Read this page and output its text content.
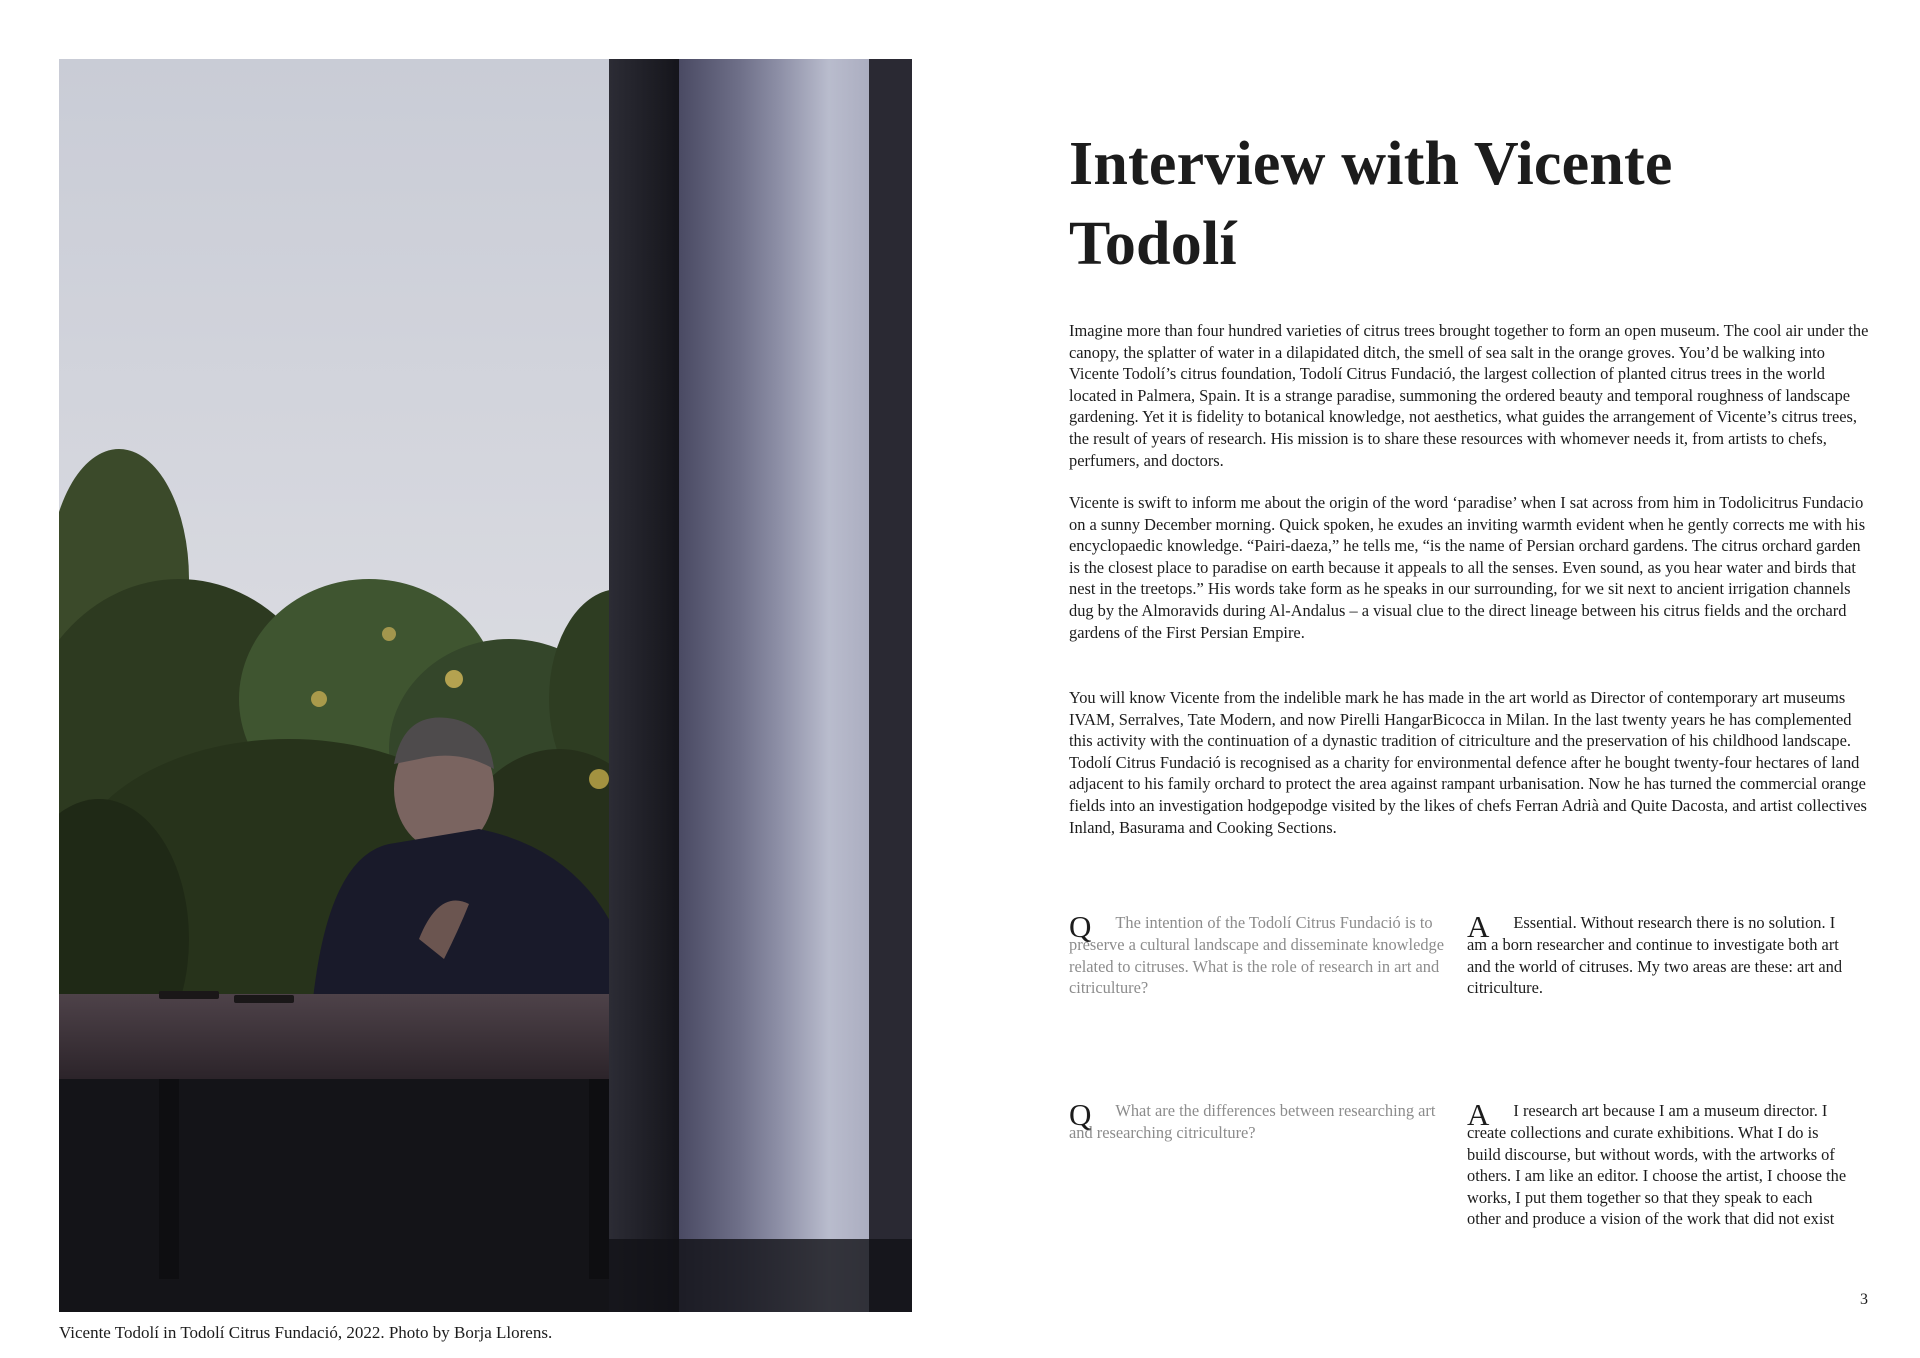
Vicente Todolí in Todolí Citrus Fundació, 2022. Photo by Borja Llorens.
Interview with Vicente Todolí

Imagine more than four hundred varieties of citrus trees brought together to form an open museum. The cool air under the canopy, the splatter of water in a dilapidated ditch, the smell of sea salt in the orange groves. You’d be walking into Vicente Todolí’s citrus foundation, Todolí Citrus Fundació, the largest collection of planted citrus trees in the world located in Palmera, Spain. It is a strange paradise, summoning the ordered beauty and temporal roughness of landscape gardening. Yet it is fidelity to botanical knowledge, not aesthetics, what guides the arrangement of Vicente’s citrus trees, the result of years of research. His mission is to share these resources with whomever needs it, from artists to chefs, perfumers, and doctors.

Vicente is swift to inform me about the origin of the word ‘paradise’ when I sat across from him in Todolicitrus Fundacio on a sunny December morning. Quick spoken, he exudes an inviting warmth evident when he gently corrects me with his encyclopaedic knowledge. “Pairi-daeza,” he tells me, “is the name of Persian orchard gardens. The citrus orchard garden is the closest place to paradise on earth because it appeals to all the senses. Even sound, as you hear water and birds that nest in the treetops.” His words take form as he speaks in our surrounding, for we sit next to ancient irrigation channels dug by the Almoravids during Al-Andalus – a visual clue to the direct lineage between his citrus fields and the orchard gardens of the First Persian Empire.

You will know Vicente from the indelible mark he has made in the art world as Director of contemporary art museums IVAM, Serralves, Tate Modern, and now Pirelli HangarBicocca in Milan. In the last twenty years he has complemented this activity with the continuation of a dynastic tradition of citriculture and the preservation of his childhood landscape. Todolí Citrus Fundació is recognised as a charity for environmental defence after he bought twenty-four hectares of land adjacent to his family orchard to protect the area against rampant urbanisation. Now he has turned the commercial orange fields into an investigation hodgepodge visited by the likes of chefs Ferran Adrià and Quite Dacosta, and artist collectives Inland, Basurama and Cooking Sections.

Q The intention of the Todolí Citrus Fundació is to preserve a cultural landscape and disseminate knowledge related to citruses. What is the role of research in art and citriculture?
A Essential. Without research there is no solution. I am a born researcher and continue to investigate both art and the world of citruses. My two areas are these: art and citriculture.
Q What are the differences between researching art and researching citriculture?
A I research art because I am a museum director. I create collections and curate exhibitions. What I do is build discourse, but without words, with the artworks of others. I am like an editor. I choose the artist, I choose the works, I put them together so that they speak to each other and produce a vision of the work that did not exist
3
